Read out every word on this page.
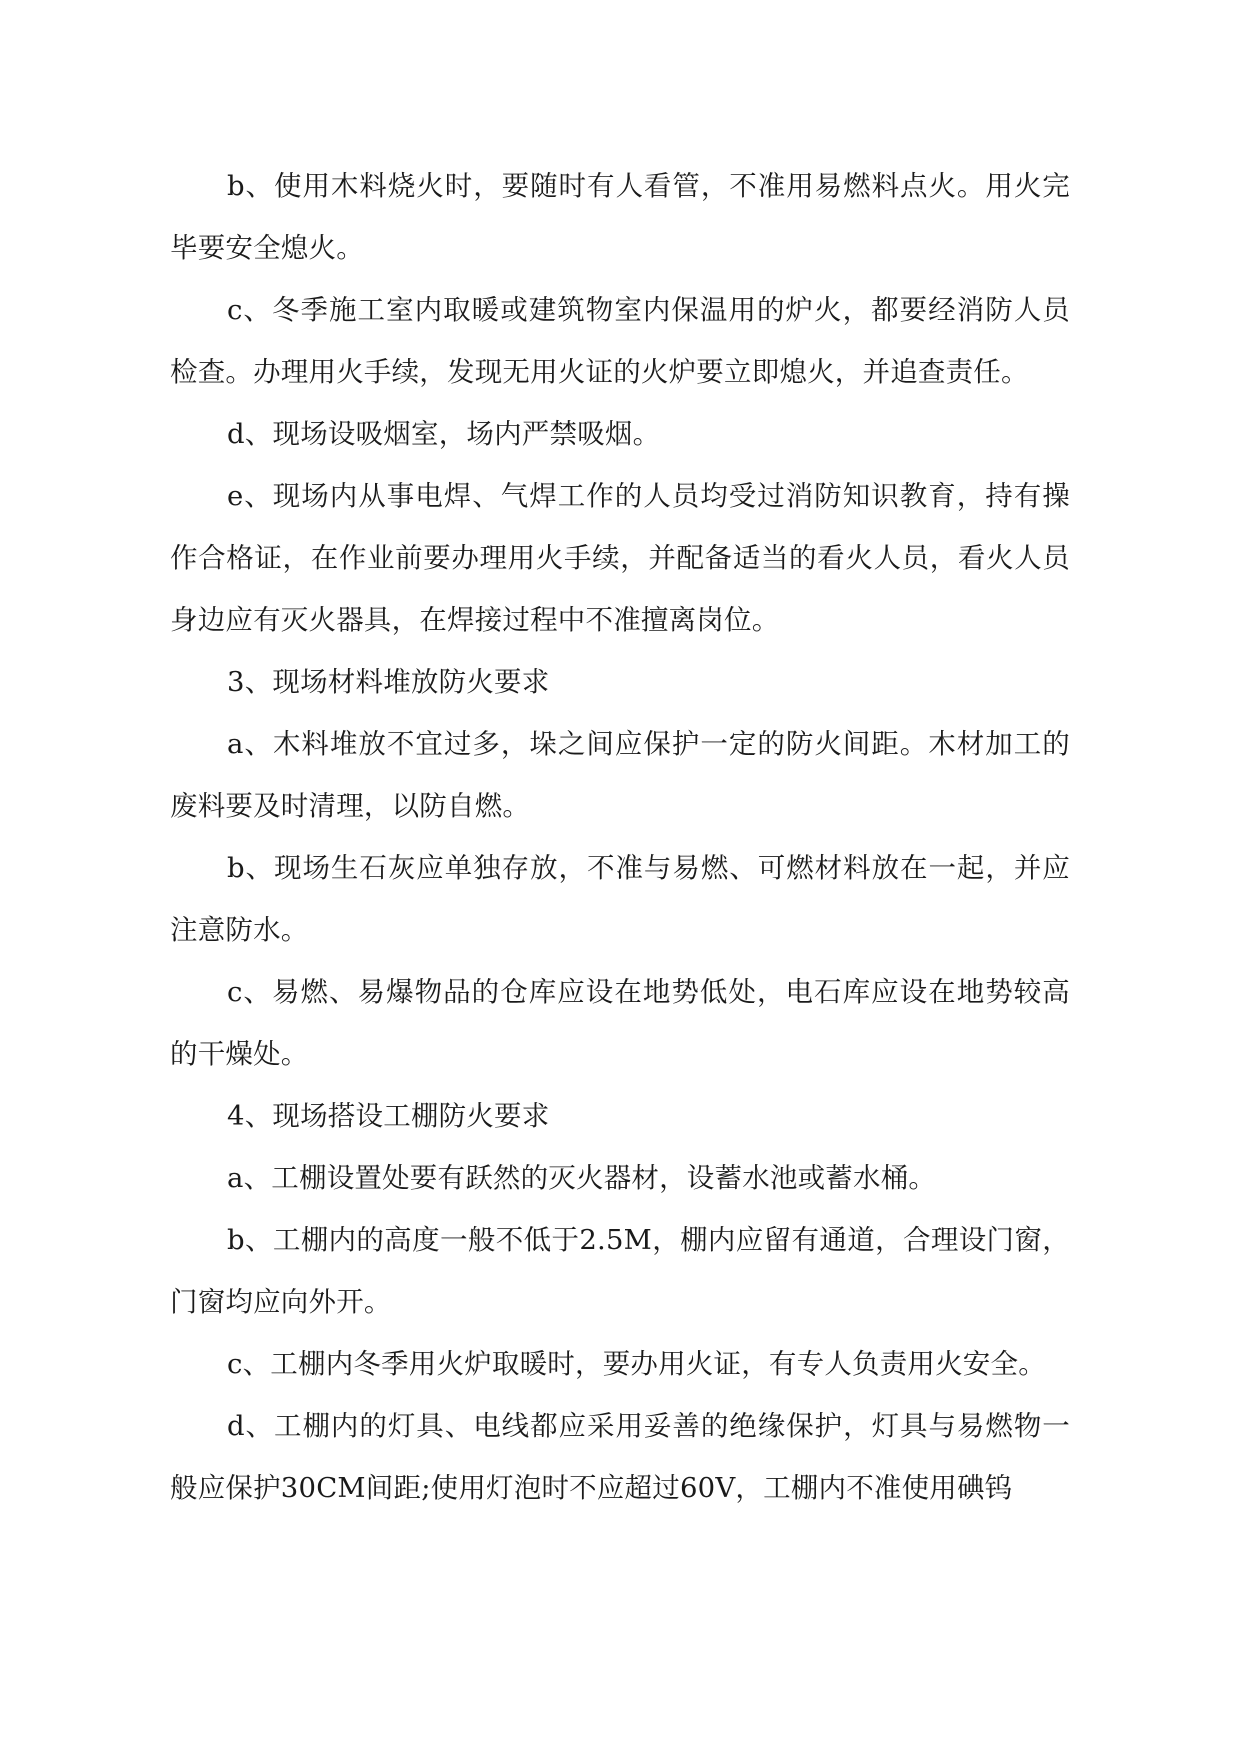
b、使用木料烧火时，要随时有人看管，不准用易燃料点火。用火完毕要安全熄火。

c、冬季施工室内取暖或建筑物室内保温用的炉火，都要经消防人员检查。办理用火手续，发现无用火证的火炉要立即熄火，并追查责任。

d、现场设吸烟室，场内严禁吸烟。

e、现场内从事电焊、气焊工作的人员均受过消防知识教育，持有操作合格证，在作业前要办理用火手续，并配备适当的看火人员，看火人员身边应有灭火器具，在焊接过程中不准擅离岗位。

3、现场材料堆放防火要求

a、木料堆放不宜过多，垛之间应保护一定的防火间距。木材加工的废料要及时清理，以防自燃。

b、现场生石灰应单独存放，不准与易燃、可燃材料放在一起，并应注意防水。

c、易燃、易爆物品的仓库应设在地势低处，电石库应设在地势较高的干燥处。

4、现场搭设工棚防火要求

a、工棚设置处要有跃然的灭火器材，设蓄水池或蓄水桶。

b、工棚内的高度一般不低于2.5M，棚内应留有通道，合理设门窗，门窗均应向外开。

c、工棚内冬季用火炉取暖时，要办用火证，有专人负责用火安全。

d、工棚内的灯具、电线都应采用妥善的绝缘保护，灯具与易燃物一般应保护30CM间距;使用灯泡时不应超过60V，工棚内不准使用碘钨
